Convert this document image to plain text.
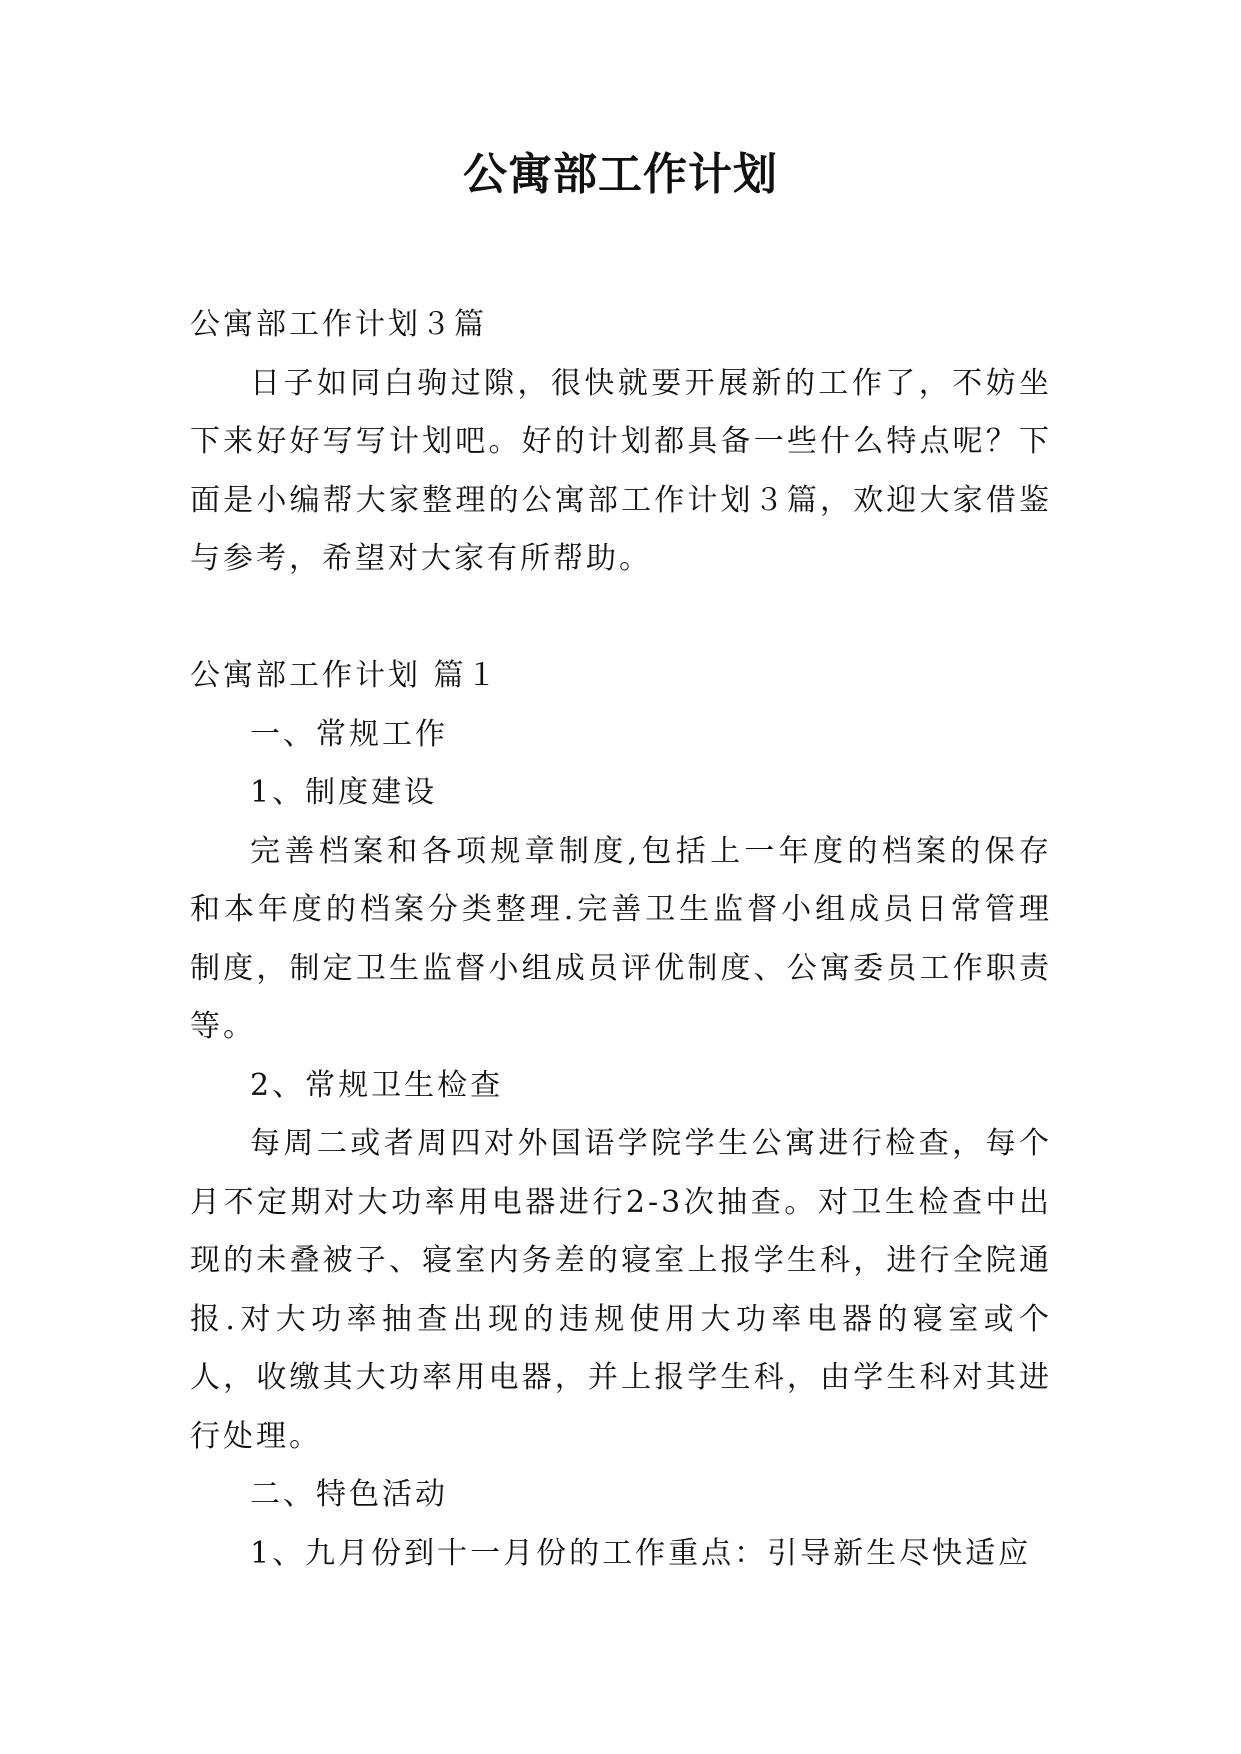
公寓部工作计划

公寓部工作计划３篇

日子如同白驹过隙，很快就要开展新的工作了，不妨坐下来好好写写计划吧。好的计划都具备一些什么特点呢？下面是小编帮大家整理的公寓部工作计划３篇，欢迎大家借鉴与参考，希望对大家有所帮助。

公寓部工作计划 篇１

一、常规工作

1、制度建设

完善档案和各项规章制度,包括上一年度的档案的保存和本年度的档案分类整理.完善卫生监督小组成员日常管理制度，制定卫生监督小组成员评优制度、公寓委员工作职责等。

2、常规卫生检查

每周二或者周四对外国语学院学生公寓进行检查，每个月不定期对大功率用电器进行2-3次抽查。对卫生检查中出现的未叠被子、寝室内务差的寝室上报学生科，进行全院通报.对大功率抽查出现的违规使用大功率电器的寝室或个人，收缴其大功率用电器，并上报学生科，由学生科对其进行处理。

二、特色活动

1、九月份到十一月份的工作重点：引导新生尽快适应
